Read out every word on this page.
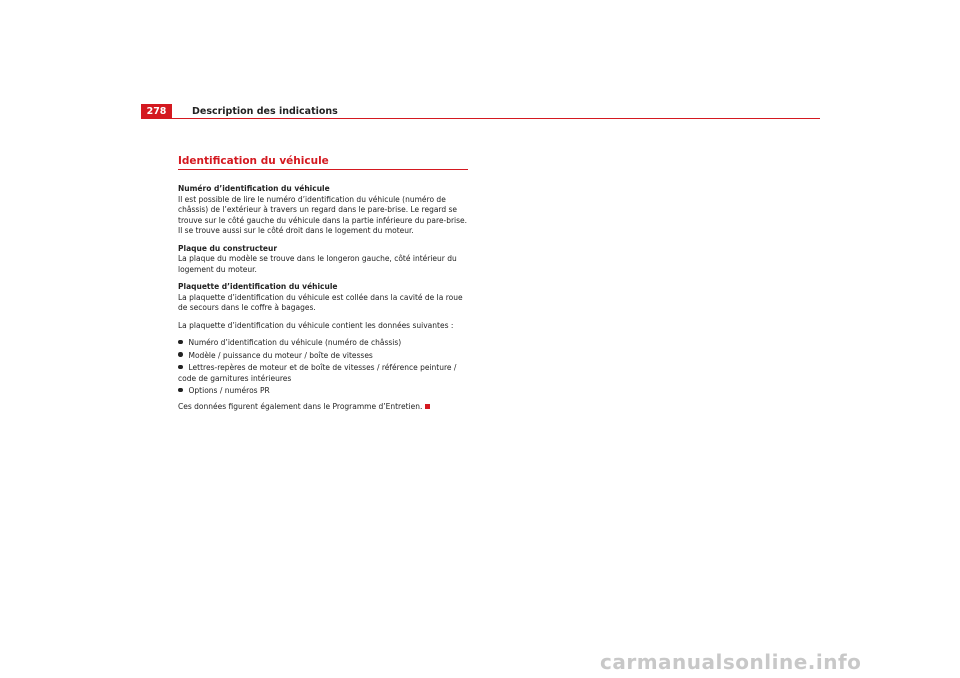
278	Description des indications
Identification du véhicule
Numéro d’identification du véhicule

Il est possible de lire le numéro d’identification du véhicule (numéro de châssis) de l’extérieur à travers un regard dans le pare-brise. Le regard se trouve sur le côté gauche du véhicule dans la partie inférieure du pare-brise. Il se trouve aussi sur le côté droit dans le logement du moteur.

Plaque du constructeur

La plaque du modèle se trouve dans le longeron gauche, côté intérieur du logement du moteur.

Plaquette d’identification du véhicule

La plaquette d’identification du véhicule est collée dans la cavité de la roue de secours dans le coffre à bagages.

La plaquette d’identification du véhicule contient les données suivantes :

Numéro d’identification du véhicule (numéro de châssis)
Modèle / puissance du moteur / boîte de vitesses
Lettres-repères de moteur et de boîte de vitesses / référence peinture / code de garnitures intérieures
Options / numéros PR

Ces données figurent également dans le Programme d’Entretien.

carmanualsonline.info
